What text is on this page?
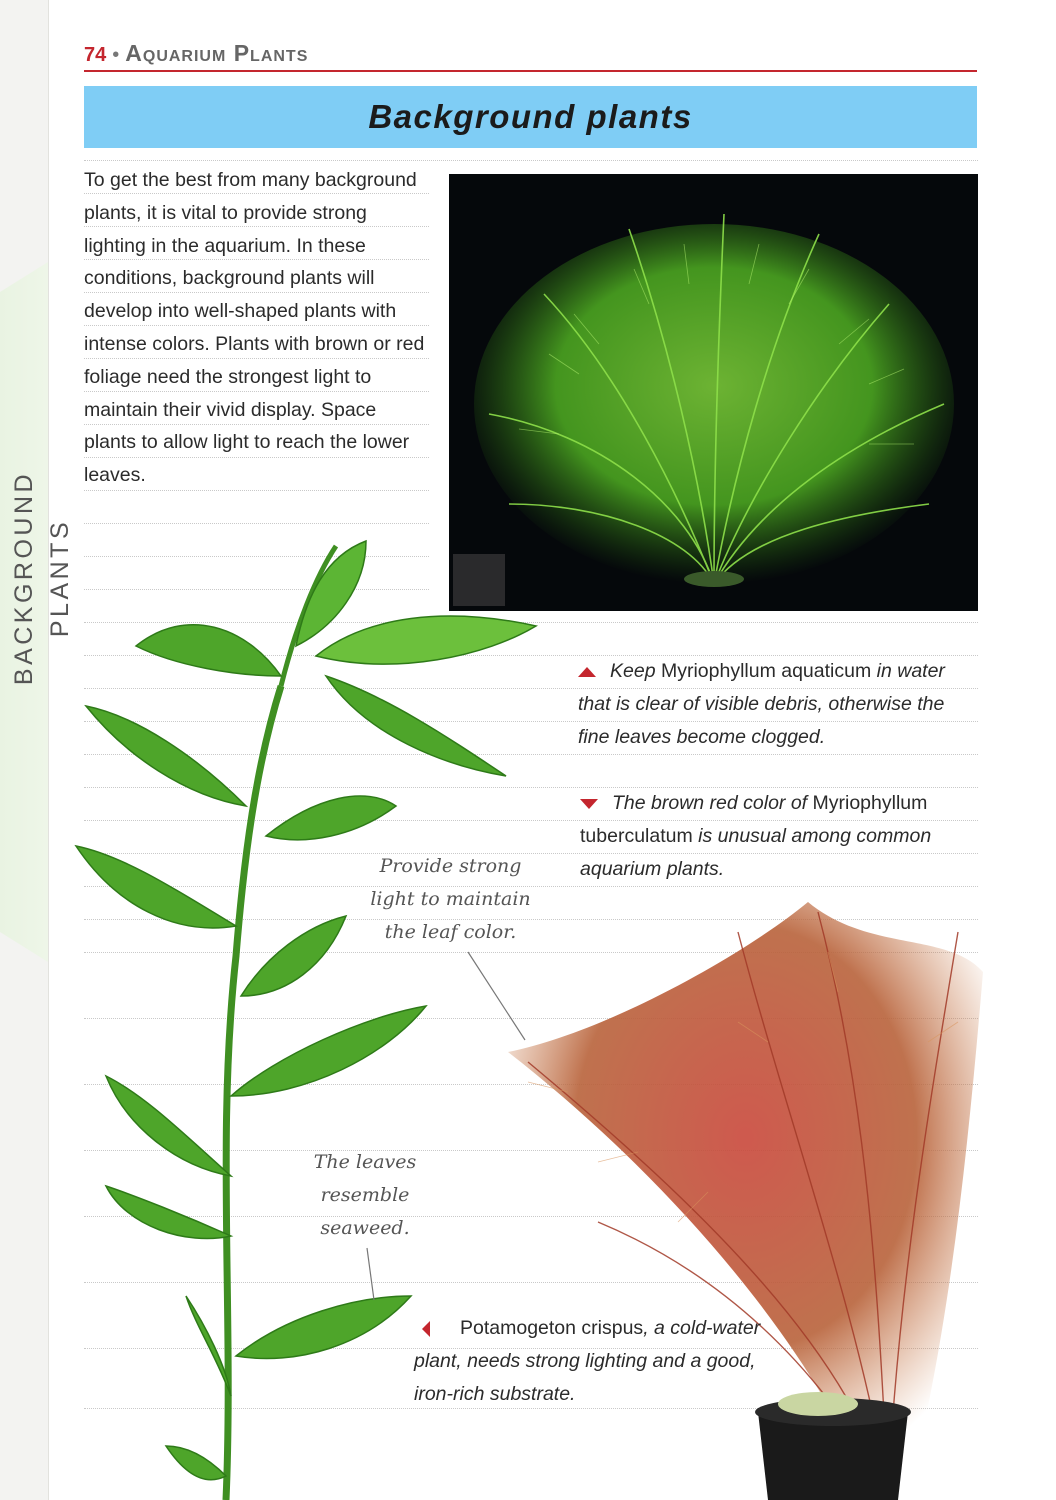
BACKGROUND PLANTS
74 • Aquarium Plants
Background plants
To get the best from many background plants, it is vital to provide strong lighting in the aquarium. In these conditions, background plants will develop into well-shaped plants with intense colors. Plants with brown or red foliage need the strongest light to maintain their vivid display. Space plants to allow light to reach the lower leaves.
Keep Myriophyllum aquaticum in water that is clear of visible debris, otherwise the fine leaves become clogged.
The brown red color of Myriophyllum tuberculatum is unusual among common aquarium plants.
Potamogeton crispus, a cold-water plant, needs strong lighting and a good, iron-rich substrate.
Provide strong
light to maintain
the leaf color.
The leaves
resemble
seaweed.
